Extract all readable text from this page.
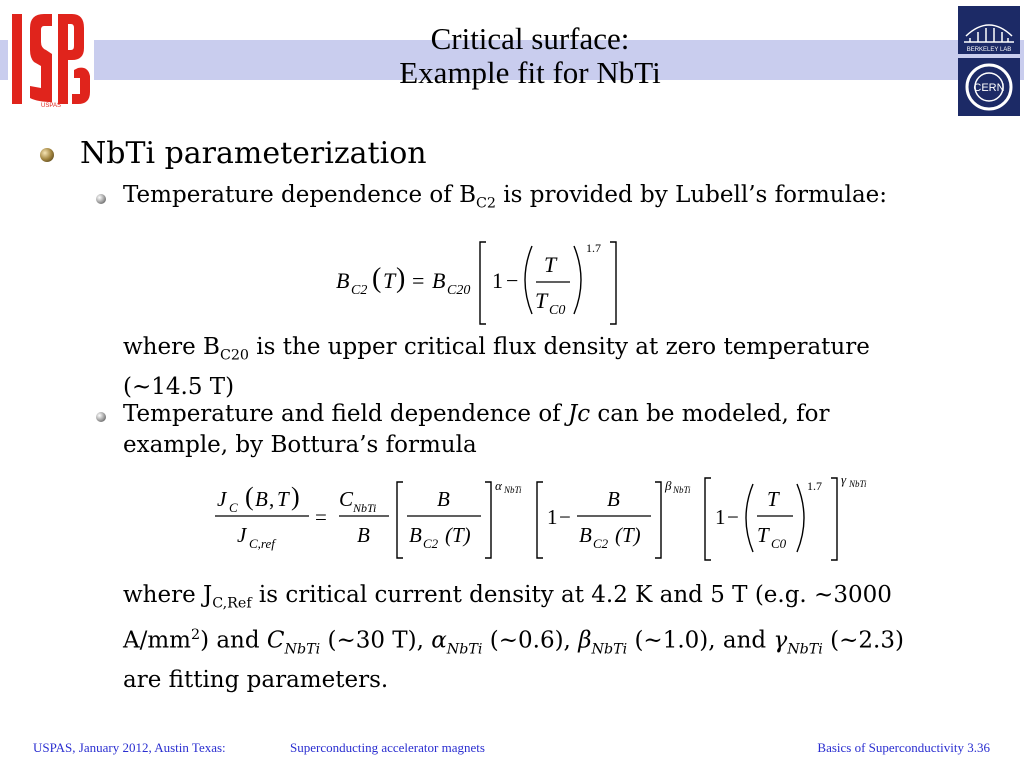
USPAS
BERKELEY LAB
CERN
Critical surface:
Example fit for NbTi
NbTi parameterization
Temperature dependence of $B_{C2}$ is provided by Lubell’s formulae:
B C2 ( T ) = B C20 1 −
T
T C0
1.7
where $B_{C20}$ is the upper critical flux density at zero temperature
(~14.5 T)
Temperature and field dependence of Jc can be modeled, for
example, by Bottura’s formula
J C ( B , T )
J C,ref
=
C NbTi
B
B
B C2 (T)
α NbTi
1 −
B
B C2 (T)
β NbTi
1 −
T
T C0
1.7 γ NbTi
where $J_{C,Ref}$ is critical current density at 4.2 K and 5 T (e.g. ~3000
$A/mm^2$) and $C_{NbTi}$ (~30 T), $\alpha_{NbTi}$ (~0.6), $\beta_{NbTi}$ (~1.0), and $\gamma_{NbTi}$ (~2.3)
are fitting parameters.
USPAS, January 2012, Austin Texas:	Superconducting accelerator magnets	Basics of Superconductivity 3.36
